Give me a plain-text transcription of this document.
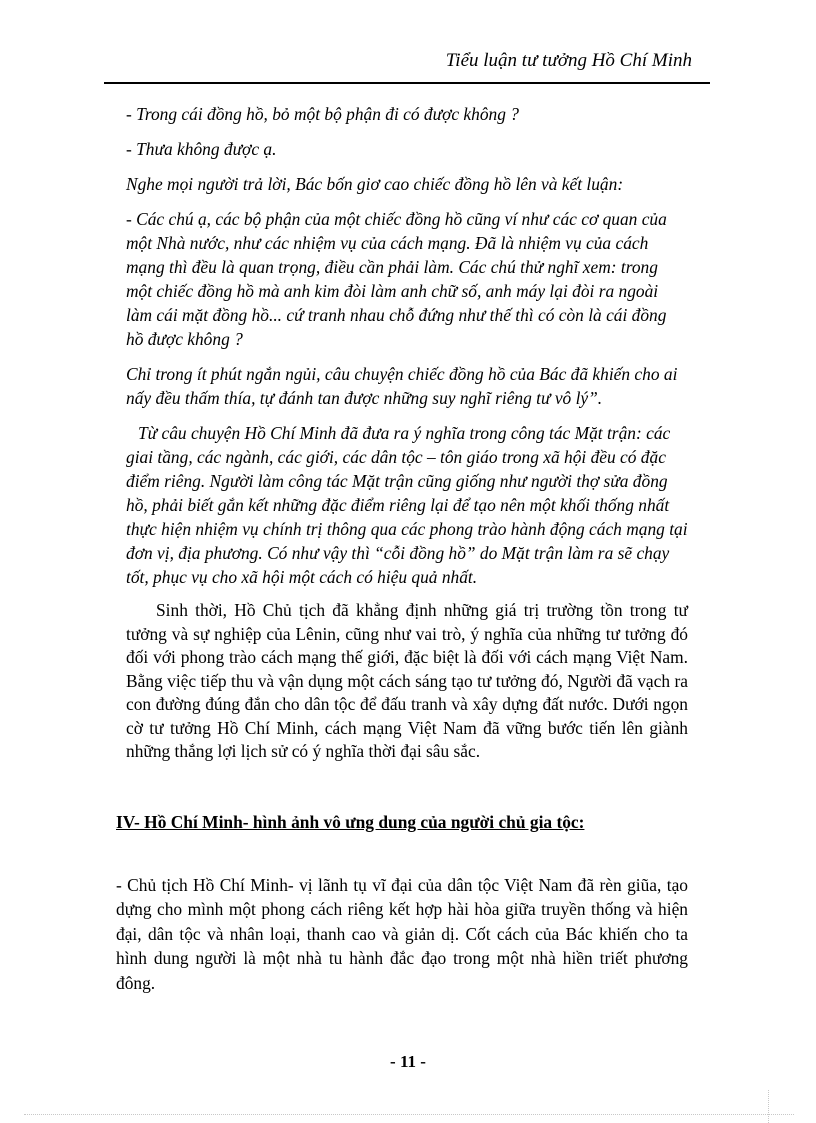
Tiểu luận tư tưởng Hồ Chí Minh

- Trong cái đồng hồ, bỏ một bộ phận đi có được không ?

- Thưa không được ạ.

Nghe mọi người trả lời, Bác bốn giơ cao chiếc đồng hồ lên và kết luận:

- Các chú ạ, các bộ phận của một chiếc đồng hồ cũng ví như các cơ quan của một Nhà nước, như các nhiệm vụ của cách mạng. Đã là nhiệm vụ của cách mạng thì đều là quan trọng, điều cần phải làm. Các chú thử nghĩ xem: trong một chiếc đồng hồ mà anh kim đòi làm anh chữ số, anh máy lại đòi ra ngoài làm cái mặt đồng hồ... cứ tranh nhau chỗ đứng như thế thì có còn là cái đồng hồ được không ?

Chỉ trong ít phút ngắn ngủi, câu chuyện chiếc đồng hồ của Bác đã khiến cho ai nấy đều thấm thía, tự đánh tan được những suy nghĩ riêng tư vô lý”.

Từ câu chuyện Hồ Chí Minh đã đưa ra ý nghĩa trong công tác Mặt trận: các giai tầng, các ngành, các giới, các dân tộc – tôn giáo trong xã hội đều có đặc điểm riêng. Người làm công tác Mặt trận cũng giống như người thợ sửa đồng hồ, phải biết gắn kết những đặc điểm riêng lại để tạo nên một khối thống nhất thực hiện nhiệm vụ chính trị thông qua các phong trào hành động cách mạng tại đơn vị, địa phương. Có như vậy thì “cỗi đồng hồ” do Mặt trận làm ra sẽ chạy tốt, phục vụ cho xã hội một cách có hiệu quả nhất.

Sinh thời, Hồ Chủ tịch đã khẳng định những giá trị trường tồn trong tư tưởng và sự nghiệp của Lênin, cũng như vai trò, ý nghĩa của những tư tưởng đó đối với phong trào cách mạng thế giới, đặc biệt là đối với cách mạng Việt Nam. Bằng việc tiếp thu và vận dụng một cách sáng tạo tư tưởng đó, Người đã vạch ra con đường đúng đắn cho dân tộc để đấu tranh và xây dựng đất nước. Dưới ngọn cờ tư tưởng Hồ Chí Minh, cách mạng Việt Nam đã vững bước tiến lên giành những thắng lợi lịch sử có ý nghĩa thời đại sâu sắc.

IV- Hồ Chí Minh- hình ảnh vô ưng dung của người chủ gia tộc:

- Chủ tịch Hồ Chí Minh- vị lãnh tụ vĩ đại của dân tộc Việt Nam đã rèn giũa, tạo dựng cho mình một phong cách riêng kết hợp hài hòa giữa truyền thống và hiện đại, dân tộc và nhân loại, thanh cao và giản dị. Cốt cách của Bác khiến cho ta hình dung người là một nhà tu hành đắc đạo trong một nhà hiền triết phương đông.

- 11 -
